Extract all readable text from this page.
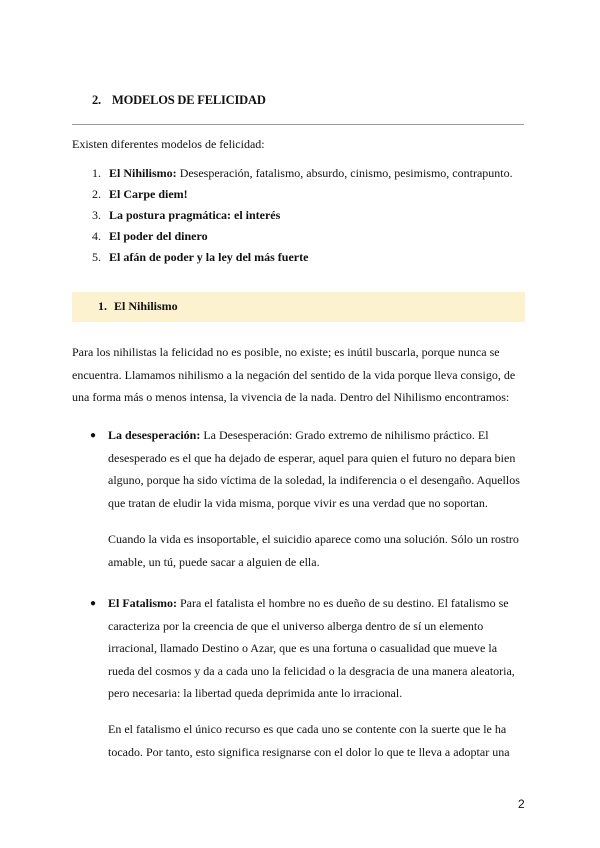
2. MODELOS DE FELICIDAD
Existen diferentes modelos de felicidad:
1. El Nihilismo: Desesperación, fatalismo, absurdo, cinismo, pesimismo, contrapunto.
2. El Carpe diem!
3. La postura pragmática: el interés
4. El poder del dinero
5. El afán de poder y la ley del más fuerte
1. El Nihilismo
Para los nihilistas la felicidad no es posible, no existe; es inútil buscarla, porque nunca se encuentra. Llamamos nihilismo a la negación del sentido de la vida porque lleva consigo, de una forma más o menos intensa, la vivencia de la nada. Dentro del Nihilismo encontramos:
● La desesperación: La Desesperación: Grado extremo de nihilismo práctico. El desesperado es el que ha dejado de esperar, aquel para quien el futuro no depara bien alguno, porque ha sido víctima de la soledad, la indiferencia o el desengaño. Aquellos que tratan de eludir la vida misma, porque vivir es una verdad que no soportan.
Cuando la vida es insoportable, el suicidio aparece como una solución. Sólo un rostro amable, un tú, puede sacar a alguien de ella.
● El Fatalismo: Para el fatalista el hombre no es dueño de su destino. El fatalismo se caracteriza por la creencia de que el universo alberga dentro de sí un elemento irracional, llamado Destino o Azar, que es una fortuna o casualidad que mueve la rueda del cosmos y da a cada uno la felicidad o la desgracia de una manera aleatoria, pero necesaria: la libertad queda deprimida ante lo irracional.
En el fatalismo el único recurso es que cada uno se contente con la suerte que le ha tocado. Por tanto, esto significa resignarse con el dolor lo que te lleva a adoptar una
2
